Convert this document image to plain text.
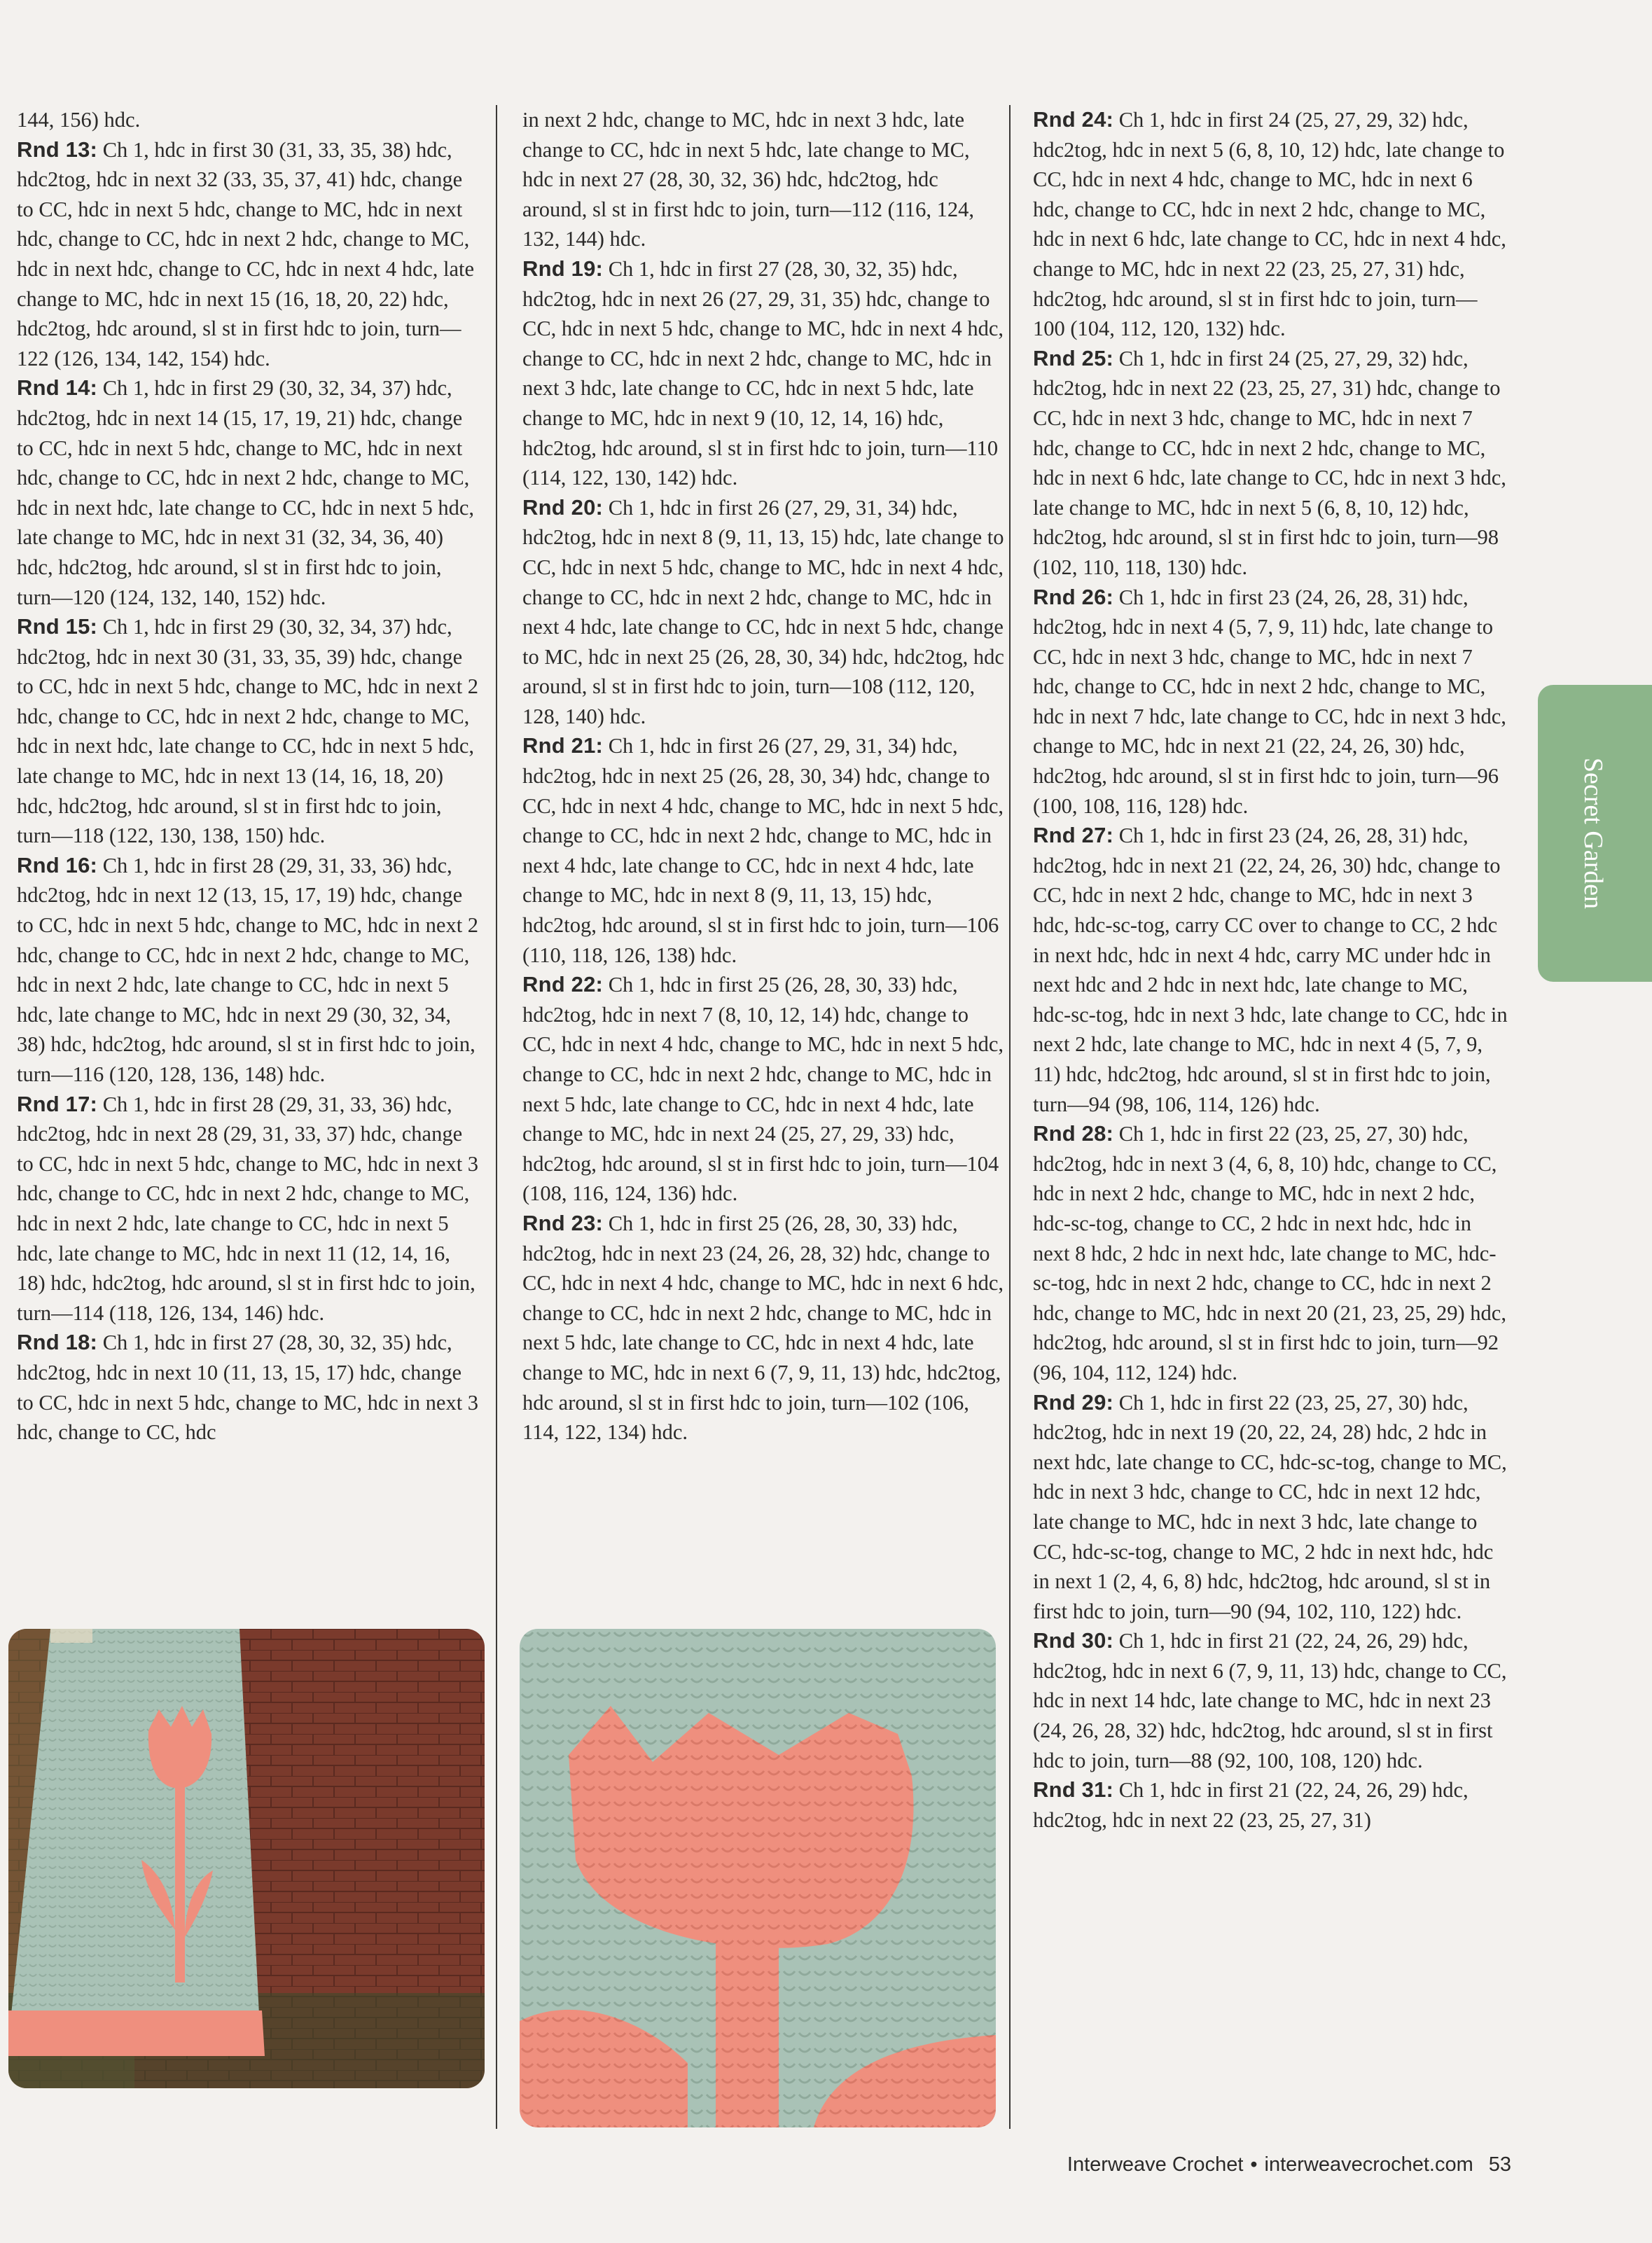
144, 156) hdc.
Rnd 13: Ch 1, hdc in first 30 (31, 33, 35, 38) hdc, hdc2tog, hdc in next 32 (33, 35, 37, 41) hdc, change to CC, hdc in next 5 hdc, change to MC, hdc in next hdc, change to CC, hdc in next 2 hdc, change to MC, hdc in next hdc, change to CC, hdc in next 4 hdc, late change to MC, hdc in next 15 (16, 18, 20, 22) hdc, hdc2tog, hdc around, sl st in first hdc to join, turn—122 (126, 134, 142, 154) hdc.
Rnd 14: Ch 1, hdc in first 29 (30, 32, 34, 37) hdc, hdc2tog, hdc in next 14 (15, 17, 19, 21) hdc, change to CC, hdc in next 5 hdc, change to MC, hdc in next hdc, change to CC, hdc in next 2 hdc, change to MC, hdc in next hdc, late change to CC, hdc in next 5 hdc, late change to MC, hdc in next 31 (32, 34, 36, 40) hdc, hdc2tog, hdc around, sl st in first hdc to join, turn—120 (124, 132, 140, 152) hdc.
Rnd 15: Ch 1, hdc in first 29 (30, 32, 34, 37) hdc, hdc2tog, hdc in next 30 (31, 33, 35, 39) hdc, change to CC, hdc in next 5 hdc, change to MC, hdc in next 2 hdc, change to CC, hdc in next 2 hdc, change to MC, hdc in next hdc, late change to CC, hdc in next 5 hdc, late change to MC, hdc in next 13 (14, 16, 18, 20) hdc, hdc2tog, hdc around, sl st in first hdc to join, turn—118 (122, 130, 138, 150) hdc.
Rnd 16: Ch 1, hdc in first 28 (29, 31, 33, 36) hdc, hdc2tog, hdc in next 12 (13, 15, 17, 19) hdc, change to CC, hdc in next 5 hdc, change to MC, hdc in next 2 hdc, change to CC, hdc in next 2 hdc, change to MC, hdc in next 2 hdc, late change to CC, hdc in next 5 hdc, late change to MC, hdc in next 29 (30, 32, 34, 38) hdc, hdc2tog, hdc around, sl st in first hdc to join, turn—116 (120, 128, 136, 148) hdc.
Rnd 17: Ch 1, hdc in first 28 (29, 31, 33, 36) hdc, hdc2tog, hdc in next 28 (29, 31, 33, 37) hdc, change to CC, hdc in next 5 hdc, change to MC, hdc in next 3 hdc, change to CC, hdc in next 2 hdc, change to MC, hdc in next 2 hdc, late change to CC, hdc in next 5 hdc, late change to MC, hdc in next 11 (12, 14, 16, 18) hdc, hdc2tog, hdc around, sl st in first hdc to join, turn—114 (118, 126, 134, 146) hdc.
Rnd 18: Ch 1, hdc in first 27 (28, 30, 32, 35) hdc, hdc2tog, hdc in next 10 (11, 13, 15, 17) hdc, change to CC, hdc in next 5 hdc, change to MC, hdc in next 3 hdc, change to CC, hdc
in next 2 hdc, change to MC, hdc in next 3 hdc, late change to CC, hdc in next 5 hdc, late change to MC, hdc in next 27 (28, 30, 32, 36) hdc, hdc2tog, hdc around, sl st in first hdc to join, turn—112 (116, 124, 132, 144) hdc.
Rnd 19: Ch 1, hdc in first 27 (28, 30, 32, 35) hdc, hdc2tog, hdc in next 26 (27, 29, 31, 35) hdc, change to CC, hdc in next 5 hdc, change to MC, hdc in next 4 hdc, change to CC, hdc in next 2 hdc, change to MC, hdc in next 3 hdc, late change to CC, hdc in next 5 hdc, late change to MC, hdc in next 9 (10, 12, 14, 16) hdc, hdc2tog, hdc around, sl st in first hdc to join, turn—110 (114, 122, 130, 142) hdc.
Rnd 20: Ch 1, hdc in first 26 (27, 29, 31, 34) hdc, hdc2tog, hdc in next 8 (9, 11, 13, 15) hdc, late change to CC, hdc in next 5 hdc, change to MC, hdc in next 4 hdc, change to CC, hdc in next 2 hdc, change to MC, hdc in next 4 hdc, late change to CC, hdc in next 5 hdc, change to MC, hdc in next 25 (26, 28, 30, 34) hdc, hdc2tog, hdc around, sl st in first hdc to join, turn—108 (112, 120, 128, 140) hdc.
Rnd 21: Ch 1, hdc in first 26 (27, 29, 31, 34) hdc, hdc2tog, hdc in next 25 (26, 28, 30, 34) hdc, change to CC, hdc in next 4 hdc, change to MC, hdc in next 5 hdc, change to CC, hdc in next 2 hdc, change to MC, hdc in next 4 hdc, late change to CC, hdc in next 4 hdc, late change to MC, hdc in next 8 (9, 11, 13, 15) hdc, hdc2tog, hdc around, sl st in first hdc to join, turn—106 (110, 118, 126, 138) hdc.
Rnd 22: Ch 1, hdc in first 25 (26, 28, 30, 33) hdc, hdc2tog, hdc in next 7 (8, 10, 12, 14) hdc, change to CC, hdc in next 4 hdc, change to MC, hdc in next 5 hdc, change to CC, hdc in next 2 hdc, change to MC, hdc in next 5 hdc, late change to CC, hdc in next 4 hdc, late change to MC, hdc in next 24 (25, 27, 29, 33) hdc, hdc2tog, hdc around, sl st in first hdc to join, turn—104 (108, 116, 124, 136) hdc.
Rnd 23: Ch 1, hdc in first 25 (26, 28, 30, 33) hdc, hdc2tog, hdc in next 23 (24, 26, 28, 32) hdc, change to CC, hdc in next 4 hdc, change to MC, hdc in next 6 hdc, change to CC, hdc in next 2 hdc, change to MC, hdc in next 5 hdc, late change to CC, hdc in next 4 hdc, late change to MC, hdc in next 6 (7, 9, 11, 13) hdc, hdc2tog, hdc around, sl st in first hdc to join, turn—102 (106, 114, 122, 134) hdc.
Rnd 24: Ch 1, hdc in first 24 (25, 27, 29, 32) hdc, hdc2tog, hdc in next 5 (6, 8, 10, 12) hdc, late change to CC, hdc in next 4 hdc, change to MC, hdc in next 6 hdc, change to CC, hdc in next 2 hdc, change to MC, hdc in next 6 hdc, late change to CC, hdc in next 4 hdc, change to MC, hdc in next 22 (23, 25, 27, 31) hdc, hdc2tog, hdc around, sl st in first hdc to join, turn—100 (104, 112, 120, 132) hdc.
Rnd 25: Ch 1, hdc in first 24 (25, 27, 29, 32) hdc, hdc2tog, hdc in next 22 (23, 25, 27, 31) hdc, change to CC, hdc in next 3 hdc, change to MC, hdc in next 7 hdc, change to CC, hdc in next 2 hdc, change to MC, hdc in next 6 hdc, late change to CC, hdc in next 3 hdc, late change to MC, hdc in next 5 (6, 8, 10, 12) hdc, hdc2tog, hdc around, sl st in first hdc to join, turn—98 (102, 110, 118, 130) hdc.
Rnd 26: Ch 1, hdc in first 23 (24, 26, 28, 31) hdc, hdc2tog, hdc in next 4 (5, 7, 9, 11) hdc, late change to CC, hdc in next 3 hdc, change to MC, hdc in next 7 hdc, change to CC, hdc in next 2 hdc, change to MC, hdc in next 7 hdc, late change to CC, hdc in next 3 hdc, change to MC, hdc in next 21 (22, 24, 26, 30) hdc, hdc2tog, hdc around, sl st in first hdc to join, turn—96 (100, 108, 116, 128) hdc.
Rnd 27: Ch 1, hdc in first 23 (24, 26, 28, 31) hdc, hdc2tog, hdc in next 21 (22, 24, 26, 30) hdc, change to CC, hdc in next 2 hdc, change to MC, hdc in next 3 hdc, hdc-sc-tog, carry CC over to change to CC, 2 hdc in next hdc, hdc in next 4 hdc, carry MC under hdc in next hdc and 2 hdc in next hdc, late change to MC, hdc-sc-tog, hdc in next 3 hdc, late change to CC, hdc in next 2 hdc, late change to MC, hdc in next 4 (5, 7, 9, 11) hdc, hdc2tog, hdc around, sl st in first hdc to join, turn—94 (98, 106, 114, 126) hdc.
Rnd 28: Ch 1, hdc in first 22 (23, 25, 27, 30) hdc, hdc2tog, hdc in next 3 (4, 6, 8, 10) hdc, change to CC, hdc in next 2 hdc, change to MC, hdc in next 2 hdc, hdc-sc-tog, change to CC, 2 hdc in next hdc, hdc in next 8 hdc, 2 hdc in next hdc, late change to MC, hdc-sc-tog, hdc in next 2 hdc, change to CC, hdc in next 2 hdc, change to MC, hdc in next 20 (21, 23, 25, 29) hdc, hdc2tog, hdc around, sl st in first hdc to join, turn—92 (96, 104, 112, 124) hdc.
Rnd 29: Ch 1, hdc in first 22 (23, 25, 27, 30) hdc, hdc2tog, hdc in next 19 (20, 22, 24, 28) hdc, 2 hdc in next hdc, late change to CC, hdc-sc-tog, change to MC, hdc in next 3 hdc, change to CC, hdc in next 12 hdc, late change to MC, hdc in next 3 hdc, late change to CC, hdc-sc-tog, change to MC, 2 hdc in next hdc, hdc in next 1 (2, 4, 6, 8) hdc, hdc2tog, hdc around, sl st in first hdc to join, turn—90 (94, 102, 110, 122) hdc.
Rnd 30: Ch 1, hdc in first 21 (22, 24, 26, 29) hdc, hdc2tog, hdc in next 6 (7, 9, 11, 13) hdc, change to CC, hdc in next 14 hdc, late change to MC, hdc in next 23 (24, 26, 28, 32) hdc, hdc2tog, hdc around, sl st in first hdc to join, turn—88 (92, 100, 108, 120) hdc.
Rnd 31: Ch 1, hdc in first 21 (22, 24, 26, 29) hdc, hdc2tog, hdc in next 22 (23, 25, 27, 31)
Secret Garden
Interweave Crochet • interweavecrochet.com 53
